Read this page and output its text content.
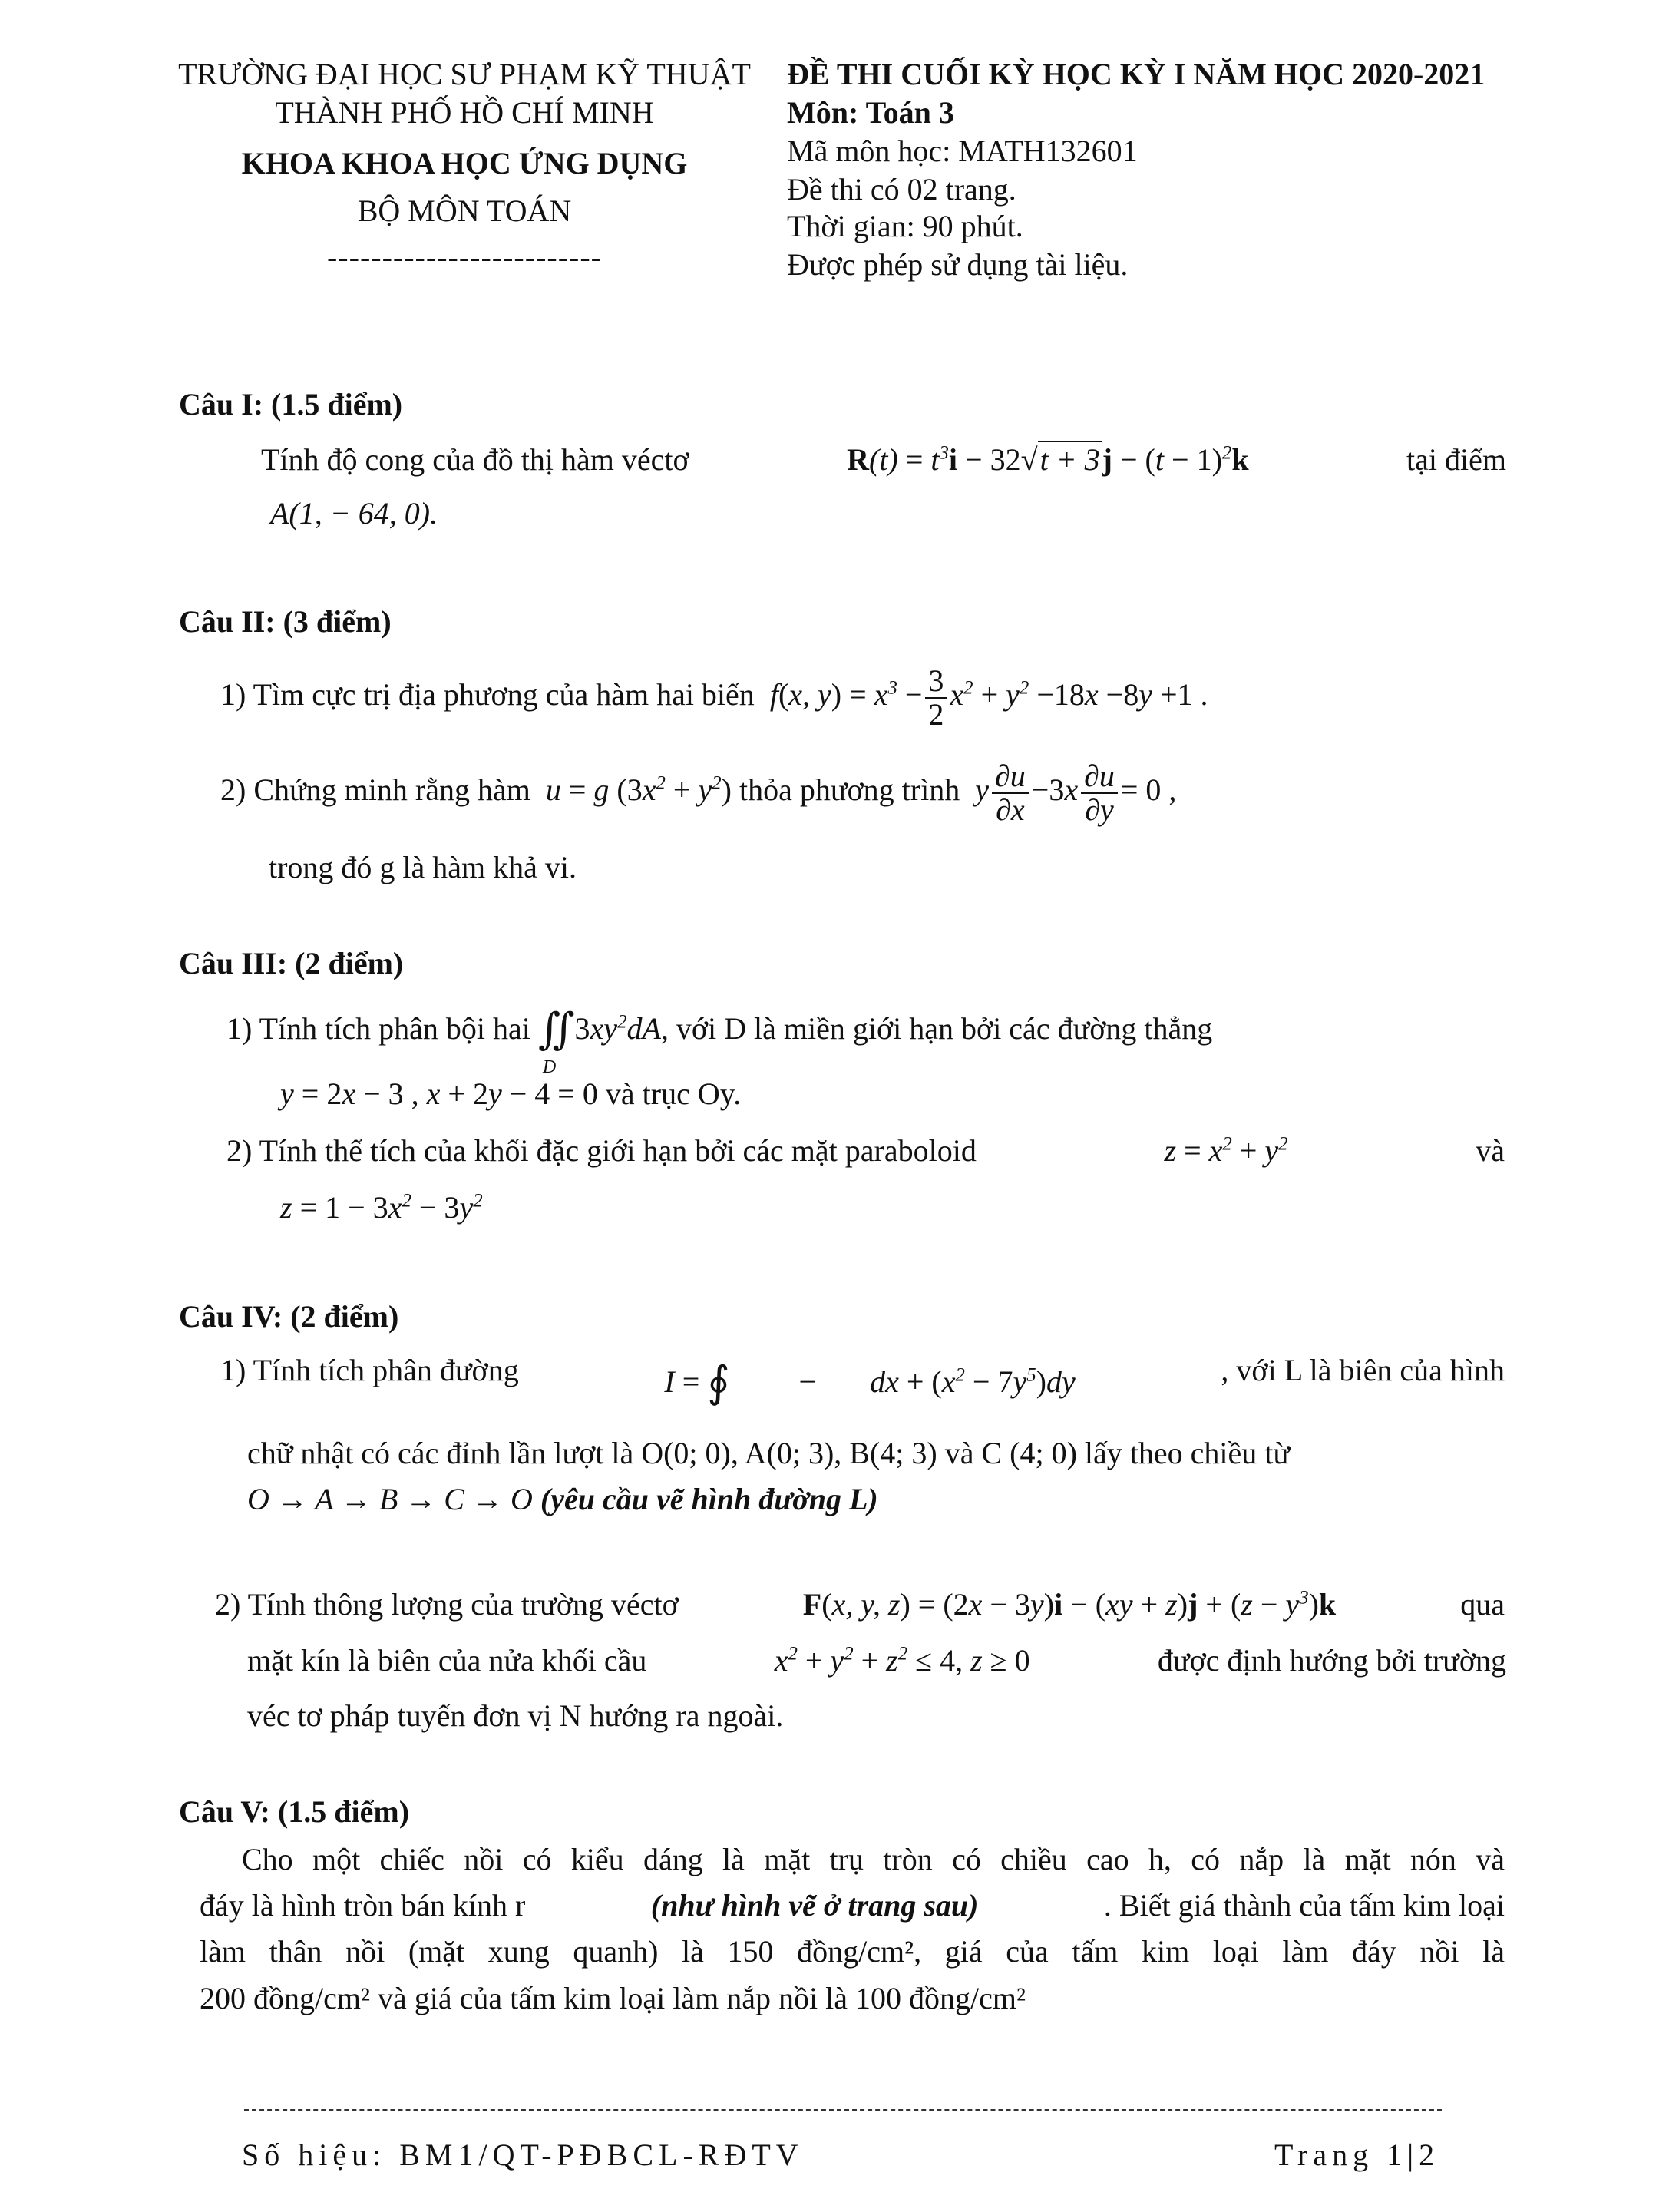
TRƯỜNG ĐẠI HỌC SƯ PHẠM KỸ THUẬT
THÀNH PHỐ HỒ CHÍ MINH
KHOA KHOA HỌC ỨNG DỤNG
BỘ MÔN TOÁN
-------------------------
ĐỀ THI CUỐI KỲ HỌC KỲ I NĂM HỌC 2020-2021
Môn: Toán 3
Mã môn học: MATH132601
Đề thi có 02 trang.
Thời gian: 90 phút.
Được phép sử dụng tài liệu.
Câu I: (1.5 điểm)
Tính độ cong của đồ thị hàm véctơ	$R(t) = t^3i - 32√t + 3j - (t - 1)^2k$	tại điểm
A(1, − 64, 0).
Câu II: (3 điểm)
1) Tìm cực trị địa phương của hàm hai biến  f(x, $y) = x^3 - \frac{3}{2} x^2 + y^2 -18x -8y +1$ .
2) Chứng minh rằng hàm  u = g $(3x^2 + y^2)$ thỏa phương trình  y $\frac{\partial u}{\partial x} -3x \frac{\partial u}{\partial y} = 0$ ,
trong đó g là hàm khả vi.
Câu III: (2 điểm)
1) Tính tích phân bội hai ∬
D
$3xy^2dA$, với D là miền giới hạn bởi các đường thẳng
y = 2x − 3 , x + 2y − 4 = 0 và trục Oy.
2) Tính thể tích của khối đặc giới hạn bởi các mặt paraboloid	$z = x^2 + y^2$	và
$z = 1 - 3x^2 - 3y^2$
Câu IV: (2 điểm)
1) Tính tích phân đường	I = ∮         −       dx + $(x^2 - 7y^5)dy$	, với L là biên của hình
chữ nhật có các đỉnh lần lượt là O(0; 0), A(0; 3), B(4; 3) và C (4; 0) lấy theo chiều từ
O → A → B → C → O (yêu cầu vẽ hình đường L)
2) Tính thông lượng của trường véctơ	F(x, y, $z) = (2x - 3y)i - (xy + z)j + (z - y^3)k$	qua
mặt kín là biên của nửa khối cầu	$x^2 + y^2 + z^2 \le 4$, z ≥ 0	được định hướng bởi trường
véc tơ pháp tuyến đơn vị N hướng ra ngoài.
Câu V: (1.5 điểm)
Cho một chiếc nồi có kiểu dáng là mặt trụ tròn có chiều cao h, có nắp là mặt nón và
đáy là hình tròn bán kính r	(như hình vẽ ở trang sau)	. Biết giá thành của tấm kim loại
làm thân nồi (mặt xung quanh) là 150 đồng/cm², giá của tấm kim loại làm đáy nồi là
200 đồng/cm² và giá của tấm kim loại làm nắp nồi là 100 đồng/cm²
Số hiệu: BM1/QT-PĐBCL-RĐTV	Trang 1|2
